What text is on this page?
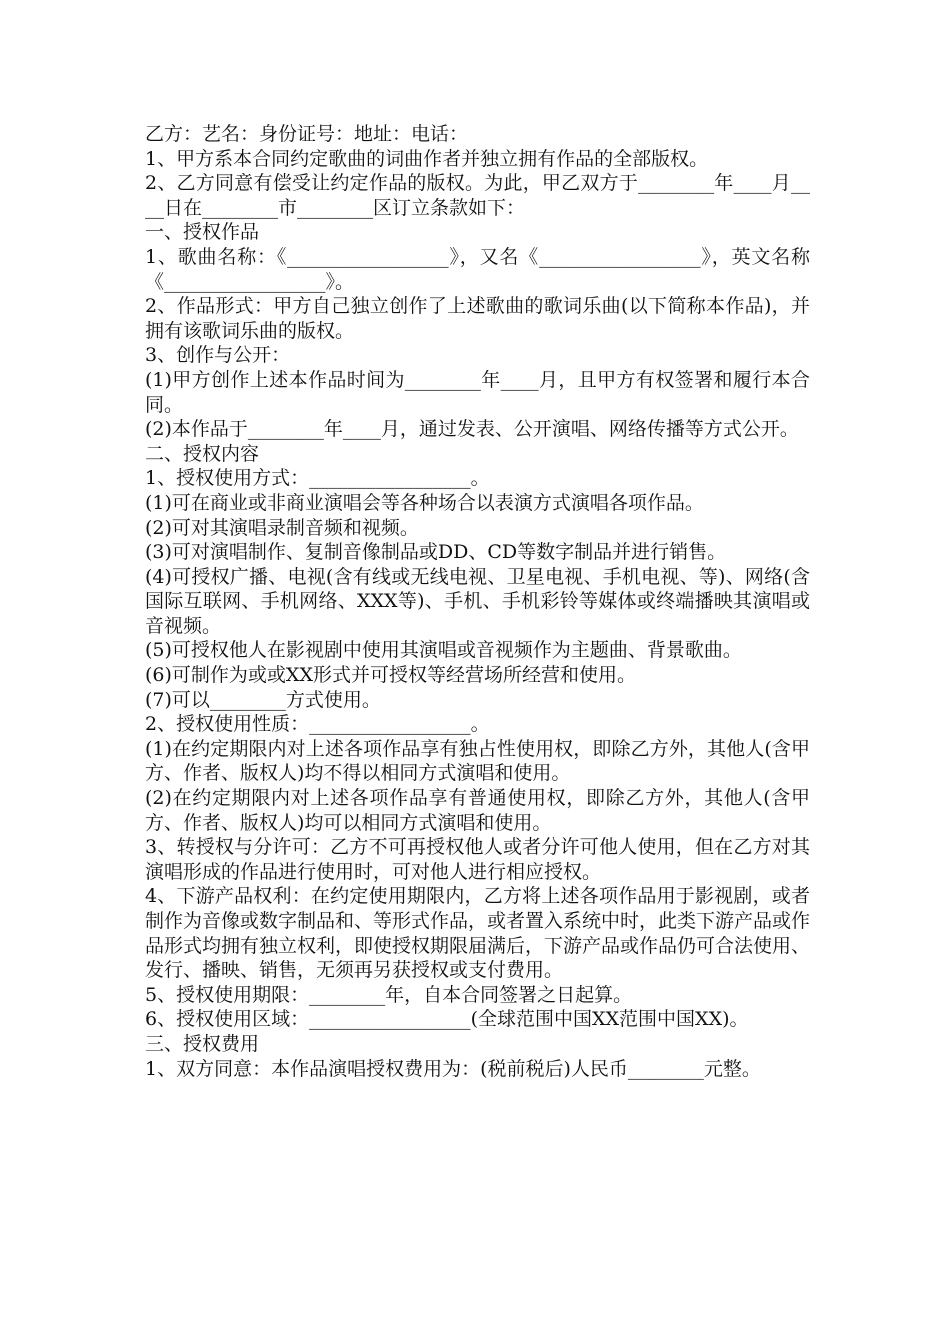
乙方：艺名：身份证号：地址：电话：

1、甲方系本合同约定歌曲的词曲作者并独立拥有作品的全部版权。

2、乙方同意有偿受让约定作品的版权。为此，甲乙双方于________年____月____日在________市________区订立条款如下：

一、授权作品

1、歌曲名称：《_________________》，又名《_________________》，英文名称《_________________》。

2、作品形式：甲方自己独立创作了上述歌曲的歌词乐曲(以下简称本作品)，并拥有该歌词乐曲的版权。

3、创作与公开：

(1)甲方创作上述本作品时间为________年____月，且甲方有权签署和履行本合同。

(2)本作品于________年____月，通过发表、公开演唱、网络传播等方式公开。

二、授权内容

1、授权使用方式：_________________。

(1)可在商业或非商业演唱会等各种场合以表演方式演唱各项作品。

(2)可对其演唱录制音频和视频。

(3)可对演唱制作、复制音像制品或DD、CD等数字制品并进行销售。

(4)可授权广播、电视(含有线或无线电视、卫星电视、手机电视、等)、网络(含国际互联网、手机网络、XXX等)、手机、手机彩铃等媒体或终端播映其演唱或音视频。

(5)可授权他人在影视剧中使用其演唱或音视频作为主题曲、背景歌曲。

(6)可制作为或或XX形式并可授权等经营场所经营和使用。

(7)可以________方式使用。

2、授权使用性质：_________________。

(1)在约定期限内对上述各项作品享有独占性使用权，即除乙方外，其他人(含甲方、作者、版权人)均不得以相同方式演唱和使用。

(2)在约定期限内对上述各项作品享有普通使用权，即除乙方外，其他人(含甲方、作者、版权人)均可以相同方式演唱和使用。

3、转授权与分许可：乙方不可再授权他人或者分许可他人使用，但在乙方对其演唱形成的作品进行使用时，可对他人进行相应授权。

4、下游产品权利：在约定使用期限内，乙方将上述各项作品用于影视剧，或者制作为音像或数字制品和、等形式作品，或者置入系统中时，此类下游产品或作品形式均拥有独立权利，即使授权期限届满后，下游产品或作品仍可合法使用、发行、播映、销售，无须再另获授权或支付费用。

5、授权使用期限：________年，自本合同签署之日起算。

6、授权使用区域：_________________(全球范围中国XX范围中国XX)。

三、授权费用

1、双方同意：本作品演唱授权费用为：(税前税后)人民币________元整。
